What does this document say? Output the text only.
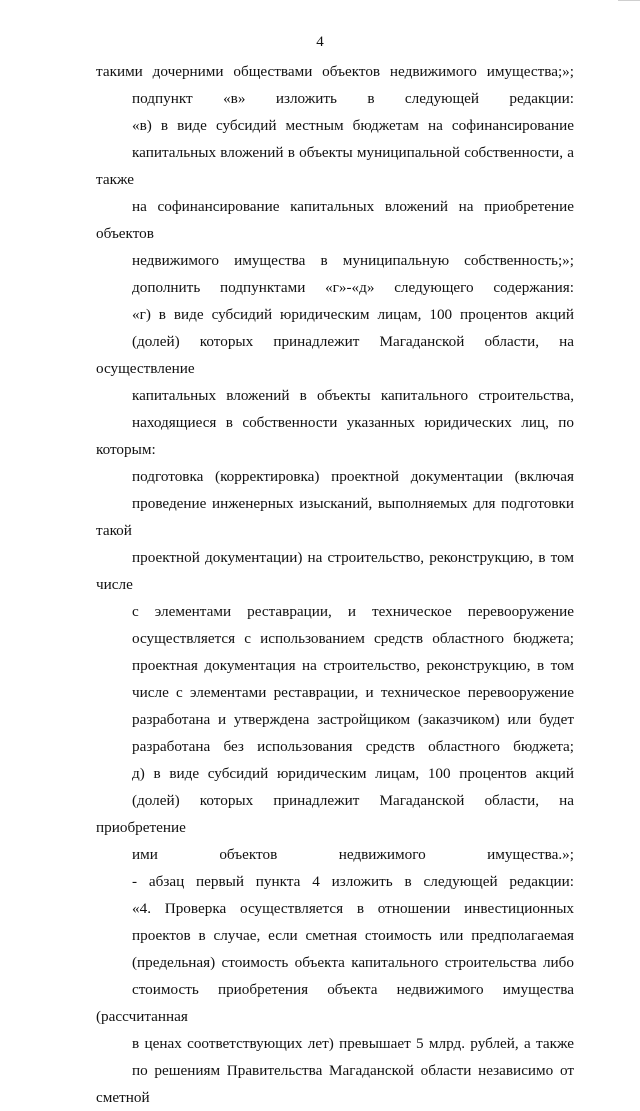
4
такими дочерними обществами объектов недвижимого имущества;»;
подпункт «в» изложить в следующей редакции:
«в) в виде субсидий местным бюджетам на софинансирование
капитальных вложений в объекты муниципальной собственности, а также
на софинансирование капитальных вложений на приобретение объектов
недвижимого имущества в муниципальную собственность;»;
дополнить подпунктами «г»-«д» следующего содержания:
«г) в виде субсидий юридическим лицам, 100 процентов акций
(долей) которых принадлежит Магаданской области, на осуществление
капитальных вложений в объекты капитального строительства,
находящиеся в собственности указанных юридических лиц, по которым:
подготовка (корректировка) проектной документации (включая
проведение инженерных изысканий, выполняемых для подготовки такой
проектной документации) на строительство, реконструкцию, в том числе
с элементами реставрации, и техническое перевооружение
осуществляется с использованием средств областного бюджета;
проектная документация на строительство, реконструкцию, в том
числе с элементами реставрации, и техническое перевооружение
разработана и утверждена застройщиком (заказчиком) или будет
разработана без использования средств областного бюджета;
д) в виде субсидий юридическим лицам, 100 процентов акций
(долей) которых принадлежит Магаданской области, на приобретение
ими объектов недвижимого имущества.»;
- абзац первый пункта 4 изложить в следующей редакции:
«4. Проверка осуществляется в отношении инвестиционных
проектов в случае, если сметная стоимость или предполагаемая
(предельная) стоимость объекта капитального строительства либо
стоимость приобретения объекта недвижимого имущества (рассчитанная
в ценах соответствующих лет) превышает 5 млрд. рублей, а также
по решениям Правительства Магаданской области независимо от сметной
